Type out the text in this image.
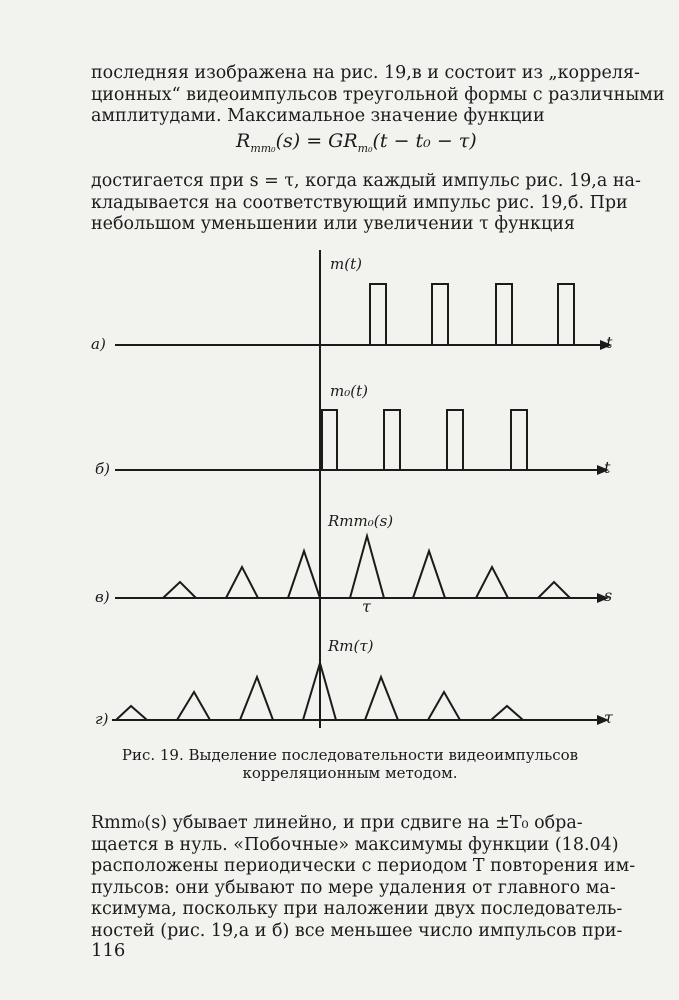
последняя изображена на рис. 19,в и состоит из „корреля-
ционных“ видеоимпульсов треугольной формы с различными
амплитудами. Максимальное значение функции
$R_{mm_0}(s) = GR_{m_0}(t - t_0 - \tau)$
достигается при s = τ, когда каждый импульс рис. 19,а на-
кладывается на соответствующий импульс рис. 19,б. При
небольшом уменьшении или увеличении τ функция
а)
m(t)
t
б)
m₀(t)
t
в)
Rmm₀(s)
s
τ
г)
Rm(τ)
τ
Рис. 19. Выделение последовательности видеоимпульсов
корреляционным методом.
Rmm₀(s) убывает линейно, и при сдвиге на ±T₀ обра-
щается в нуль. «Побочные» максимумы функции (18.04)
расположены периодически с периодом T повторения им-
пульсов: они убывают по мере удаления от главного ма-
ксимума, поскольку при наложении двух последователь-
ностей (рис. 19,а и б) все меньшее число импульсов при-
116
